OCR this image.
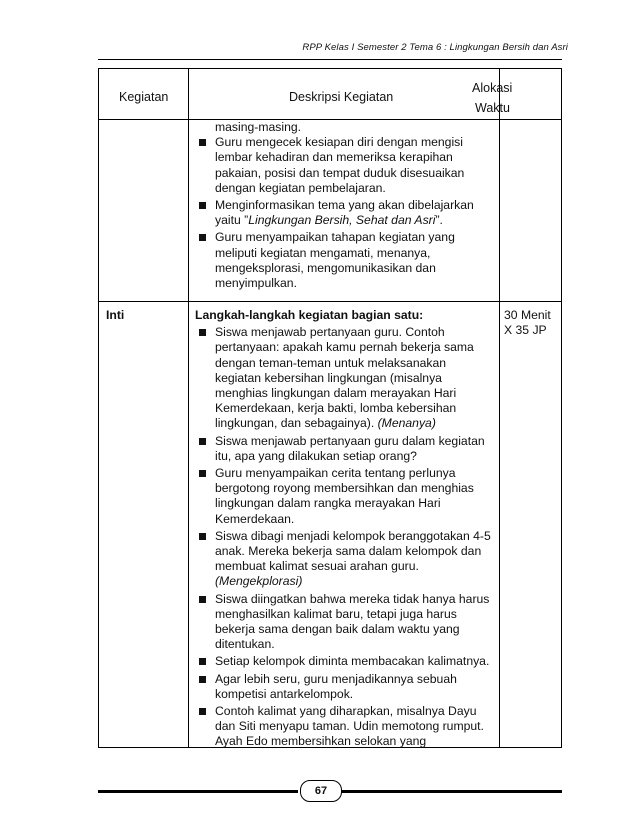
RPP Kelas I Semester 2 Tema 6 : Lingkungan Bersih dan Asri
Kegiatan	Deskripsi Kegiatan
Alokasi
Waktu
masing-masing.
Guru mengecek kesiapan diri dengan mengisi lembar kehadiran dan memeriksa kerapihan pakaian, posisi dan tempat duduk disesuaikan dengan kegiatan pembelajaran.
Menginformasikan tema yang akan dibelajarkan yaitu ”Lingkungan Bersih, Sehat dan Asri”.
Guru menyampaikan tahapan kegiatan yang meliputi kegiatan mengamati, menanya, mengeksplorasi, mengomunikasikan dan menyimpulkan.
Inti	Langkah-langkah kegiatan bagian satu:
Siswa menjawab pertanyaan guru. Contoh pertanyaan: apakah kamu pernah bekerja sama dengan teman-teman untuk melaksanakan kegiatan kebersihan lingkungan (misalnya menghias lingkungan dalam merayakan Hari Kemerdekaan, kerja bakti, lomba kebersihan lingkungan, dan sebagainya). (Menanya)
Siswa menjawab pertanyaan guru dalam kegiatan itu, apa yang dilakukan setiap orang?
Guru menyampaikan cerita tentang perlunya bergotong royong membersihkan dan menghias lingkungan dalam rangka merayakan Hari Kemerdekaan.
Siswa dibagi menjadi kelompok beranggotakan 4-5 anak. Mereka bekerja sama dalam kelompok dan membuat kalimat sesuai arahan guru. (Mengekplorasi)
Siswa diingatkan bahwa mereka tidak hanya harus menghasilkan kalimat baru, tetapi juga harus bekerja sama dengan baik dalam waktu yang ditentukan.
Setiap kelompok diminta membacakan kalimatnya.
Agar lebih seru, guru menjadikannya sebuah kompetisi antarkelompok.
Contoh kalimat yang diharapkan, misalnya Dayu dan Siti menyapu taman. Udin memotong rumput. Ayah Edo membersihkan selokan yang
30 Menit
X 35 JP
67
